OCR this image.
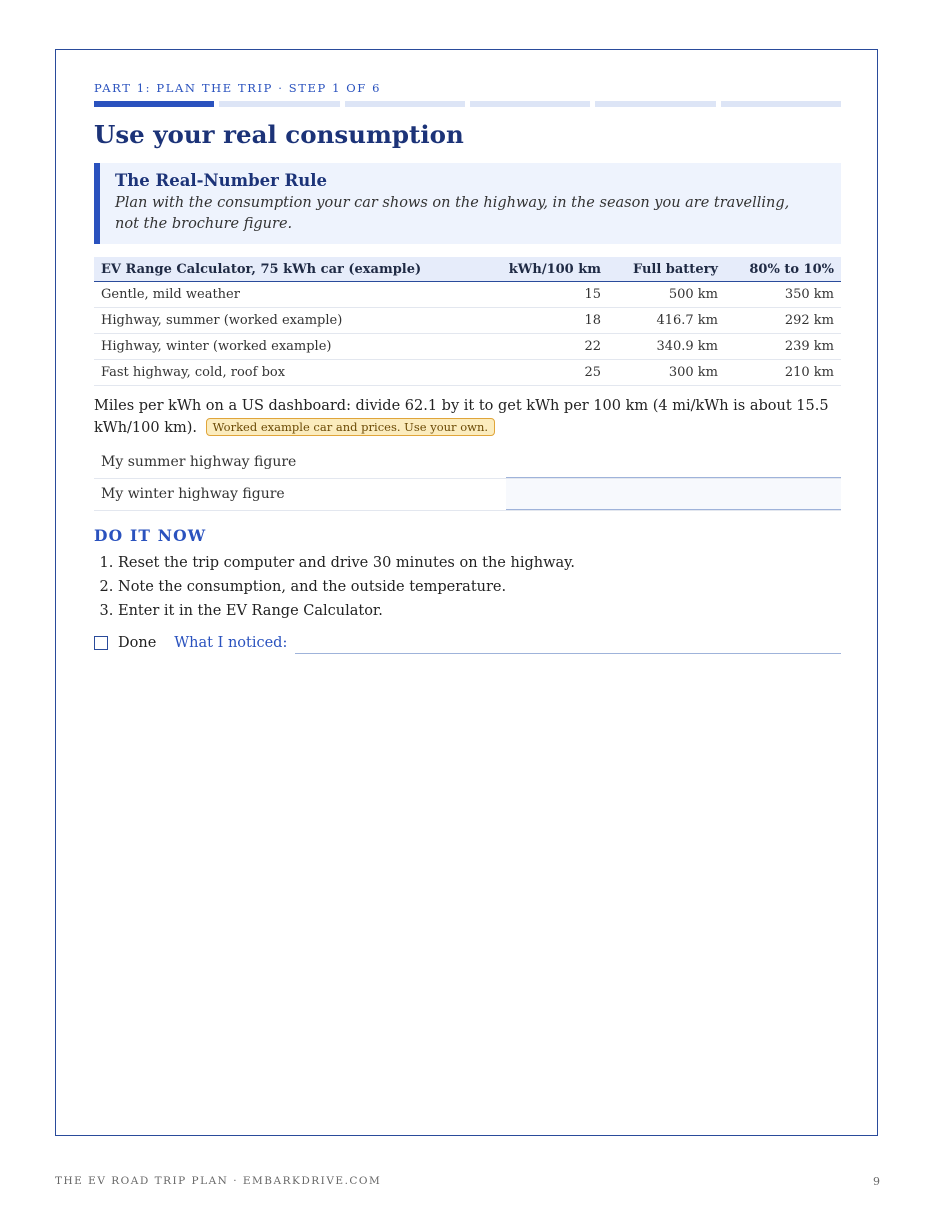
PART 1: PLAN THE TRIP · STEP 1 OF 6
Use your real consumption
The Real-Number Rule
Plan with the consumption your car shows on the highway, in the season you are travelling, not the brochure figure.
EV Range Calculator, 75 kWh car (example)	kWh/100 km	Full battery	80% to 10%
Gentle, mild weather	15	500 km	350 km
Highway, summer (worked example)	18	416.7 km	292 km
Highway, winter (worked example)	22	340.9 km	239 km
Fast highway, cold, roof box	25	300 km	210 km
Miles per kWh on a US dashboard: divide 62.1 by it to get kWh per 100 km (4 mi/kWh is about 15.5 kWh/100 km). Worked example car and prices. Use your own.
My summer highway figure
My winter highway figure
DO IT NOW
1. Reset the trip computer and drive 30 minutes on the highway.
2. Note the consumption, and the outside temperature.
3. Enter it in the EV Range Calculator.
Done What I noticed:
THE EV ROAD TRIP PLAN · EMBARKDRIVE.COM	9
